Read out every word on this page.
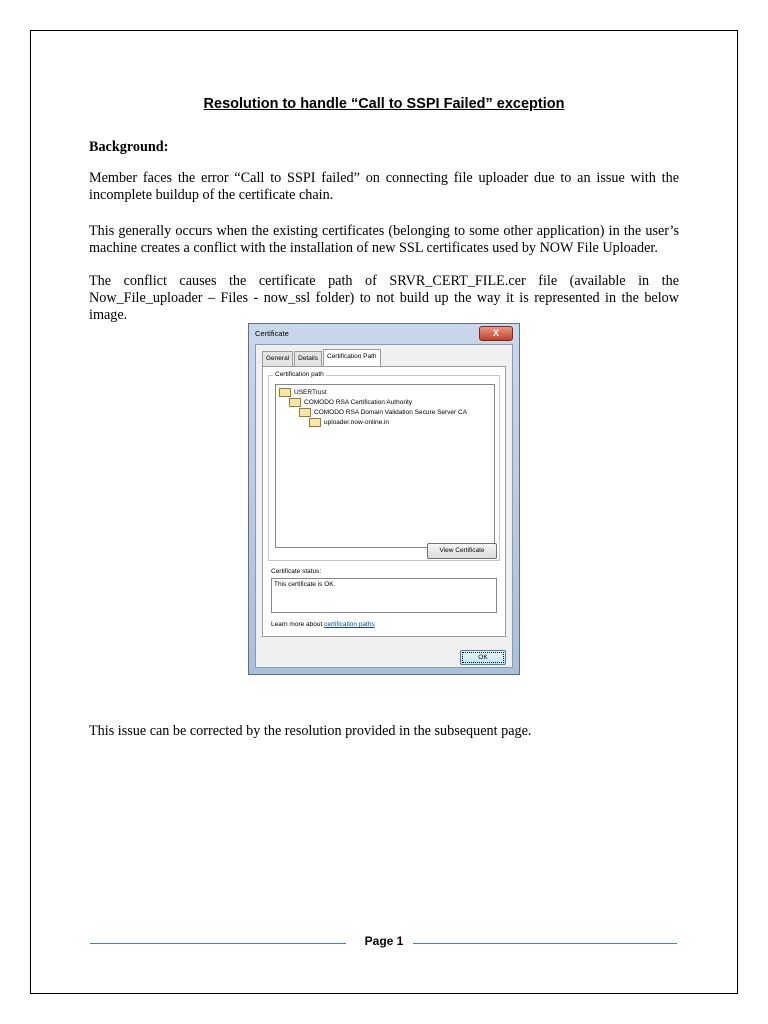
Resolution to handle “Call to SSPI Failed” exception
Background:
Member faces the error “Call to SSPI failed” on connecting file uploader due to an issue with the incomplete buildup of the certificate chain.
This generally occurs when the existing certificates (belonging to some other application) in the user’s machine creates a conflict with the installation of new SSL certificates used by NOW File Uploader.
The conflict causes the certificate path of SRVR_CERT_FILE.cer file (available in the Now_File_uploader – Files - now_ssl folder) to not build up the way it is represented in the below image.
Certificate	X
General	Details	Certification Path
Certification path
USERTrust
COMODO RSA Certification Authority
COMODO RSA Domain Validation Secure Server CA
uploader.now-online.in
View Certificate
Certificate status:
This certificate is OK.
Learn more about certification paths
OK
This issue can be corrected by the resolution provided in the subsequent page.
Page 1
